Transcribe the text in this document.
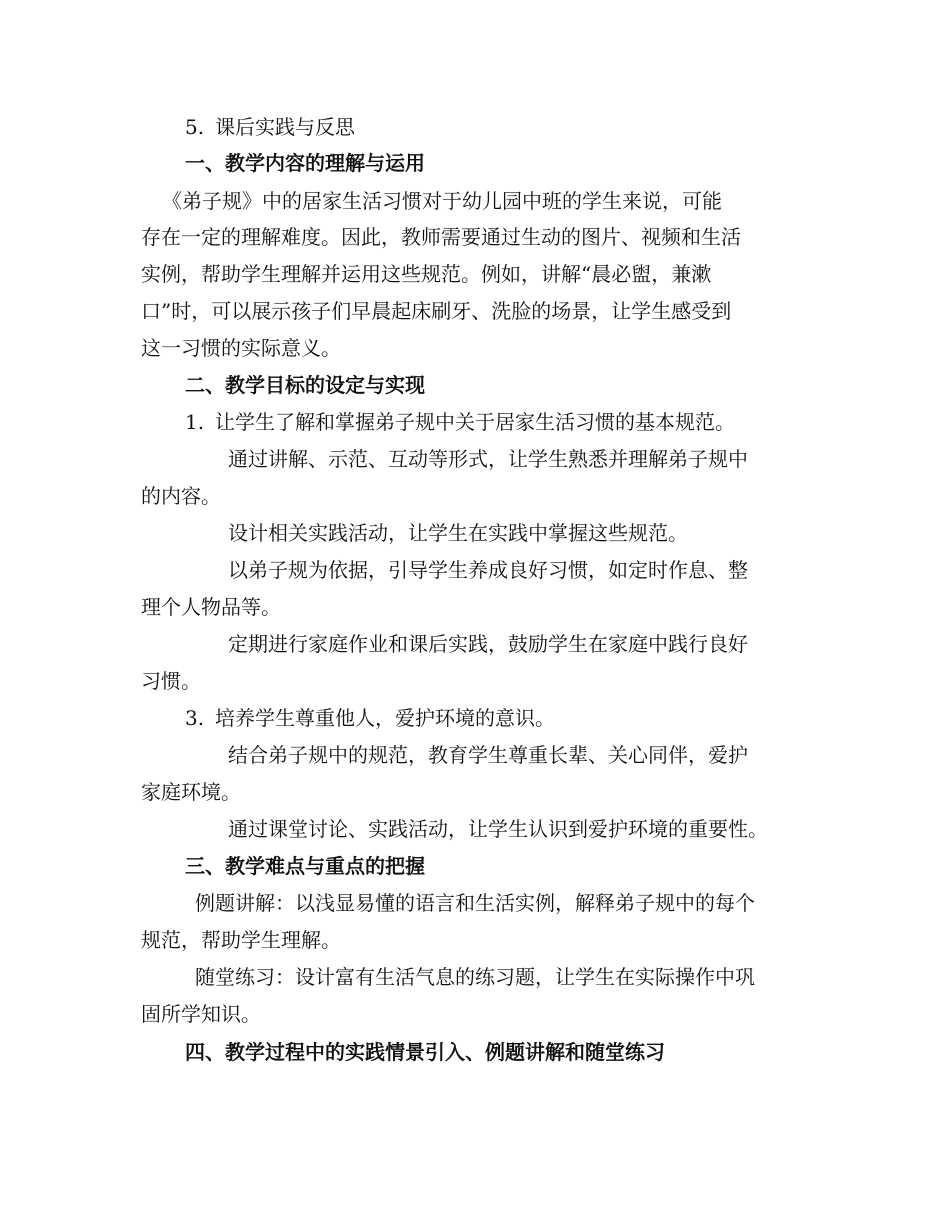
5. 课后实践与反思
一、教学内容的理解与运用
《弟子规》中的居家生活习惯对于幼儿园中班的学生来说，可能
存在一定的理解难度。因此，教师需要通过生动的图片、视频和生活
实例，帮助学生理解并运用这些规范。例如，讲解“晨必盥，兼漱
口”时，可以展示孩子们早晨起床刷牙、洗脸的场景，让学生感受到
这一习惯的实际意义。
二、教学目标的设定与实现
1. 让学生了解和掌握弟子规中关于居家生活习惯的基本规范。
通过讲解、示范、互动等形式，让学生熟悉并理解弟子规中
的内容。
设计相关实践活动，让学生在实践中掌握这些规范。
以弟子规为依据，引导学生养成良好习惯，如定时作息、整
理个人物品等。
定期进行家庭作业和课后实践，鼓励学生在家庭中践行良好
习惯。
3. 培养学生尊重他人，爱护环境的意识。
结合弟子规中的规范，教育学生尊重长辈、关心同伴，爱护
家庭环境。
通过课堂讨论、实践活动，让学生认识到爱护环境的重要性。
三、教学难点与重点的把握
例题讲解：以浅显易懂的语言和生活实例，解释弟子规中的每个
规范，帮助学生理解。
随堂练习：设计富有生活气息的练习题，让学生在实际操作中巩
固所学知识。
四、教学过程中的实践情景引入、例题讲解和随堂练习
